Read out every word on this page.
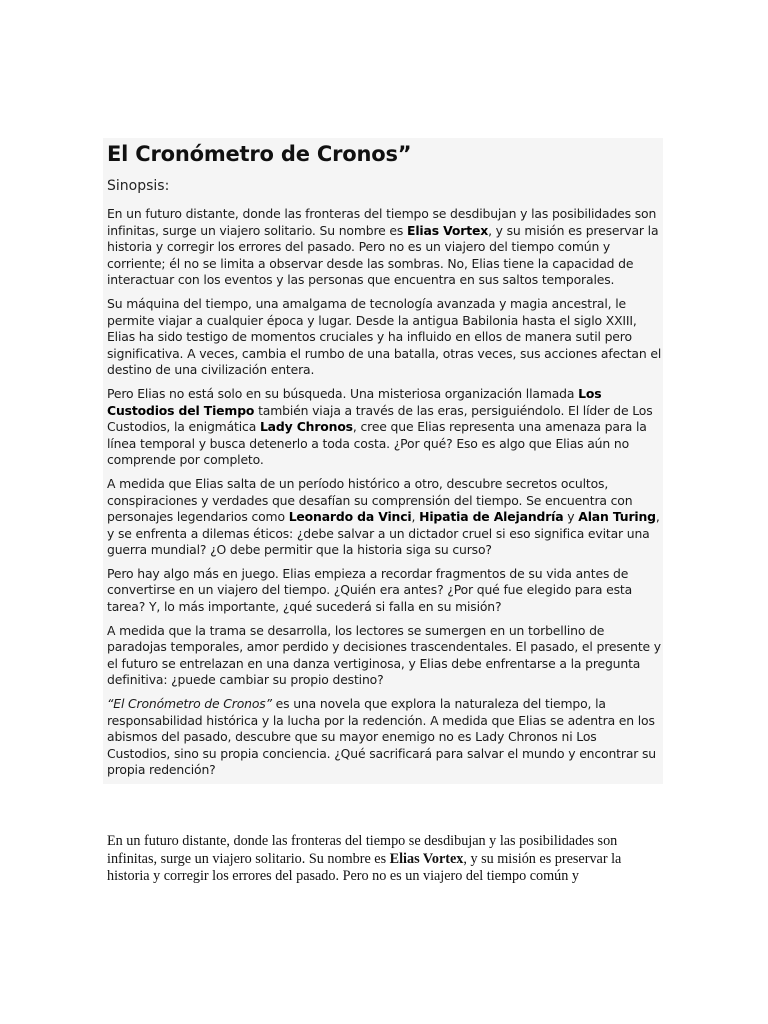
El Cronómetro de Cronos”
Sinopsis:

En un futuro distante, donde las fronteras del tiempo se desdibujan y las posibilidades son infinitas, surge un viajero solitario. Su nombre es Elias Vortex, y su misión es preservar la historia y corregir los errores del pasado. Pero no es un viajero del tiempo común y corriente; él no se limita a observar desde las sombras. No, Elias tiene la capacidad de interactuar con los eventos y las personas que encuentra en sus saltos temporales.

Su máquina del tiempo, una amalgama de tecnología avanzada y magia ancestral, le permite viajar a cualquier época y lugar. Desde la antigua Babilonia hasta el siglo XXIII, Elias ha sido testigo de momentos cruciales y ha influido en ellos de manera sutil pero significativa. A veces, cambia el rumbo de una batalla, otras veces, sus acciones afectan el destino de una civilización entera.

Pero Elias no está solo en su búsqueda. Una misteriosa organización llamada Los Custodios del Tiempo también viaja a través de las eras, persiguiéndolo. El líder de Los Custodios, la enigmática Lady Chronos, cree que Elias representa una amenaza para la línea temporal y busca detenerlo a toda costa. ¿Por qué? Eso es algo que Elias aún no comprende por completo.

A medida que Elias salta de un período histórico a otro, descubre secretos ocultos, conspiraciones y verdades que desafían su comprensión del tiempo. Se encuentra con personajes legendarios como Leonardo da Vinci, Hipatia de Alejandría y Alan Turing, y se enfrenta a dilemas éticos: ¿debe salvar a un dictador cruel si eso significa evitar una guerra mundial? ¿O debe permitir que la historia siga su curso?

Pero hay algo más en juego. Elias empieza a recordar fragmentos de su vida antes de convertirse en un viajero del tiempo. ¿Quién era antes? ¿Por qué fue elegido para esta tarea? Y, lo más importante, ¿qué sucederá si falla en su misión?

A medida que la trama se desarrolla, los lectores se sumergen en un torbellino de paradojas temporales, amor perdido y decisiones trascendentales. El pasado, el presente y el futuro se entrelazan en una danza vertiginosa, y Elias debe enfrentarse a la pregunta definitiva: ¿puede cambiar su propio destino?

“El Cronómetro de Cronos” es una novela que explora la naturaleza del tiempo, la responsabilidad histórica y la lucha por la redención. A medida que Elias se adentra en los abismos del pasado, descubre que su mayor enemigo no es Lady Chronos ni Los Custodios, sino su propia conciencia. ¿Qué sacrificará para salvar el mundo y encontrar su propia redención?

En un futuro distante, donde las fronteras del tiempo se desdibujan y las posibilidades son infinitas, surge un viajero solitario. Su nombre es Elias Vortex, y su misión es preservar la historia y corregir los errores del pasado. Pero no es un viajero del tiempo común y
